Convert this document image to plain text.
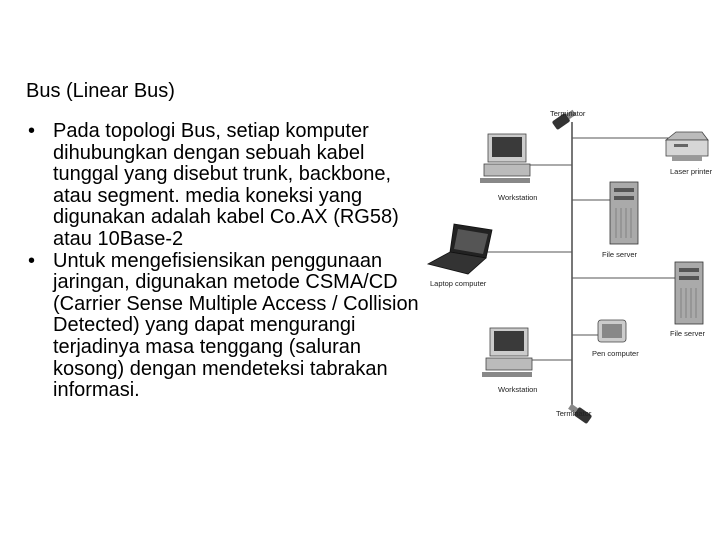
Bus (Linear Bus)
• Pada topologi Bus, setiap komputer dihubungkan dengan sebuah kabel tunggal yang disebut trunk, backbone, atau segment. media koneksi yang digunakan adalah kabel Co.AX (RG58) atau 10Base-2
• Untuk mengefisiensikan penggunaan jaringan, digunakan metode CSMA/CD (Carrier Sense Multiple Access / Collision Detected) yang dapat mengurangi terjadinya masa tenggang (saluran kosong) dengan mendeteksi tabrakan informasi.
Terminator
Laser printer
Workstation
File server
Laptop computer
File server
Pen computer
Workstation
Terminator
